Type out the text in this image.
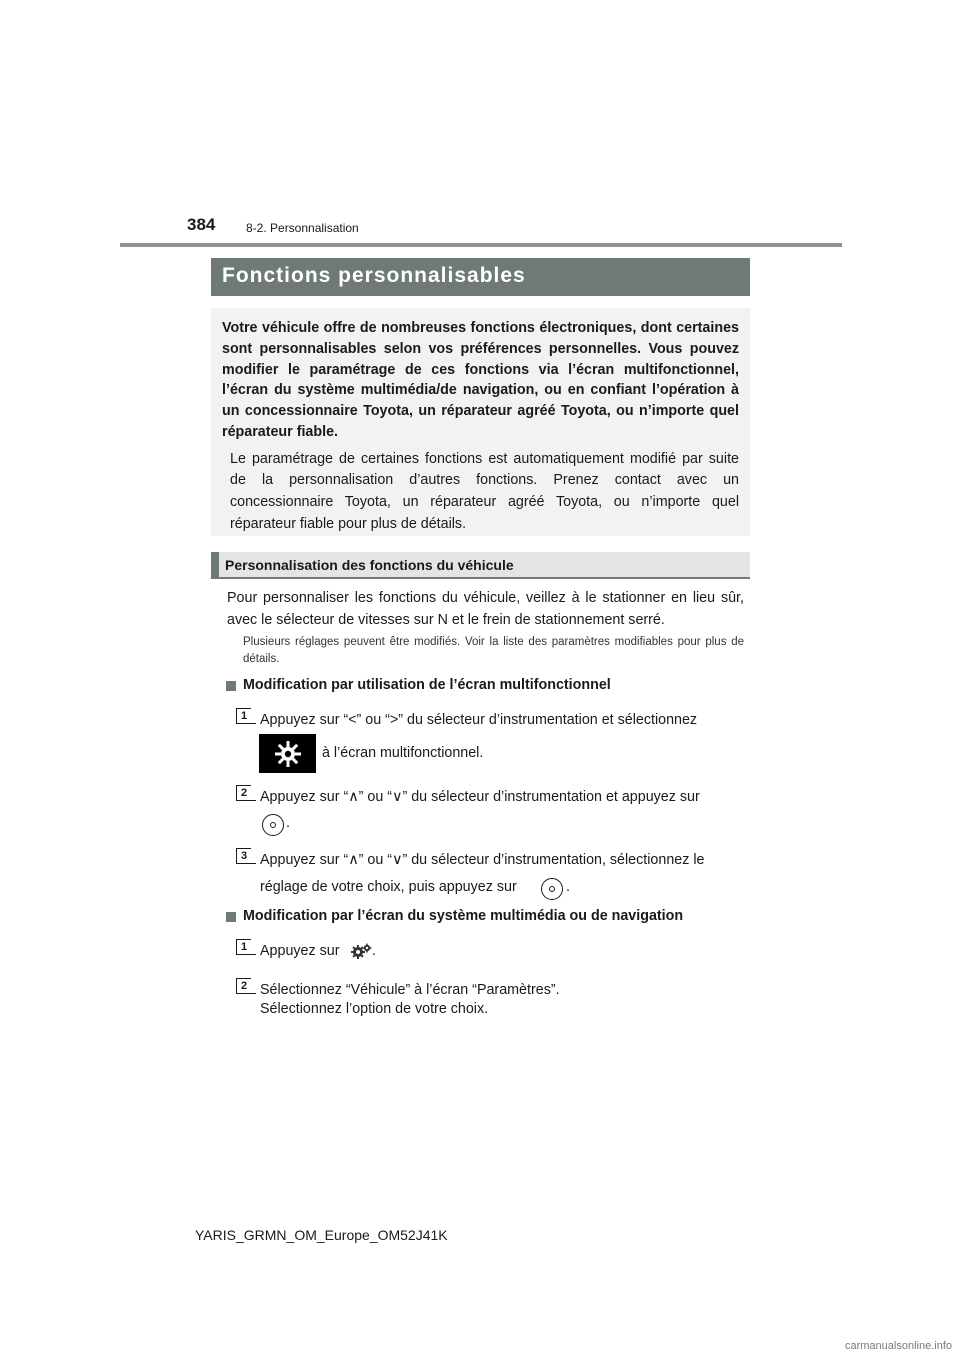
384	8-2. Personnalisation
Fonctions personnalisables

Votre véhicule offre de nombreuses fonctions électroniques, dont certaines sont personnalisables selon vos préférences personnelles. Vous pouvez modifier le paramétrage de ces fonctions via l’écran multifonctionnel, l’écran du système multimédia/de navigation, ou en confiant l’opération à un concessionnaire Toyota, un réparateur agréé Toyota, ou n’importe quel réparateur fiable.

Le paramétrage de certaines fonctions est automatiquement modifié par suite de la personnalisation d’autres fonctions. Prenez contact avec un concessionnaire Toyota, un réparateur agréé Toyota, ou n’importe quel réparateur fiable pour plus de détails.

Personnalisation des fonctions du véhicule

Pour personnaliser les fonctions du véhicule, veillez à le stationner en lieu sûr, avec le sélecteur de vitesses sur N et le frein de stationnement serré.

Plusieurs réglages peuvent être modifiés. Voir la liste des paramètres modifiables pour plus de détails.

Modification par utilisation de l’écran multifonctionnel
1 Appuyez sur “<” ou “>” du sélecteur d’instrumentation et sélectionnez

à l’écran multifonctionnel.

2 Appuyez sur “∧” ou “∨” du sélecteur d’instrumentation et appuyez sur

.

3 Appuyez sur “∧” ou “∨” du sélecteur d’instrumentation, sélectionnez le

réglage de votre choix, puis appuyez sur	.

Modification par l’écran du système multimédia ou de navigation
1 Appuyez sur .

2 Sélectionnez “Véhicule” à l’écran “Paramètres”.

Sélectionnez l’option de votre choix.

YARIS_GRMN_OM_Europe_OM52J41K
carmanualsonline.info
